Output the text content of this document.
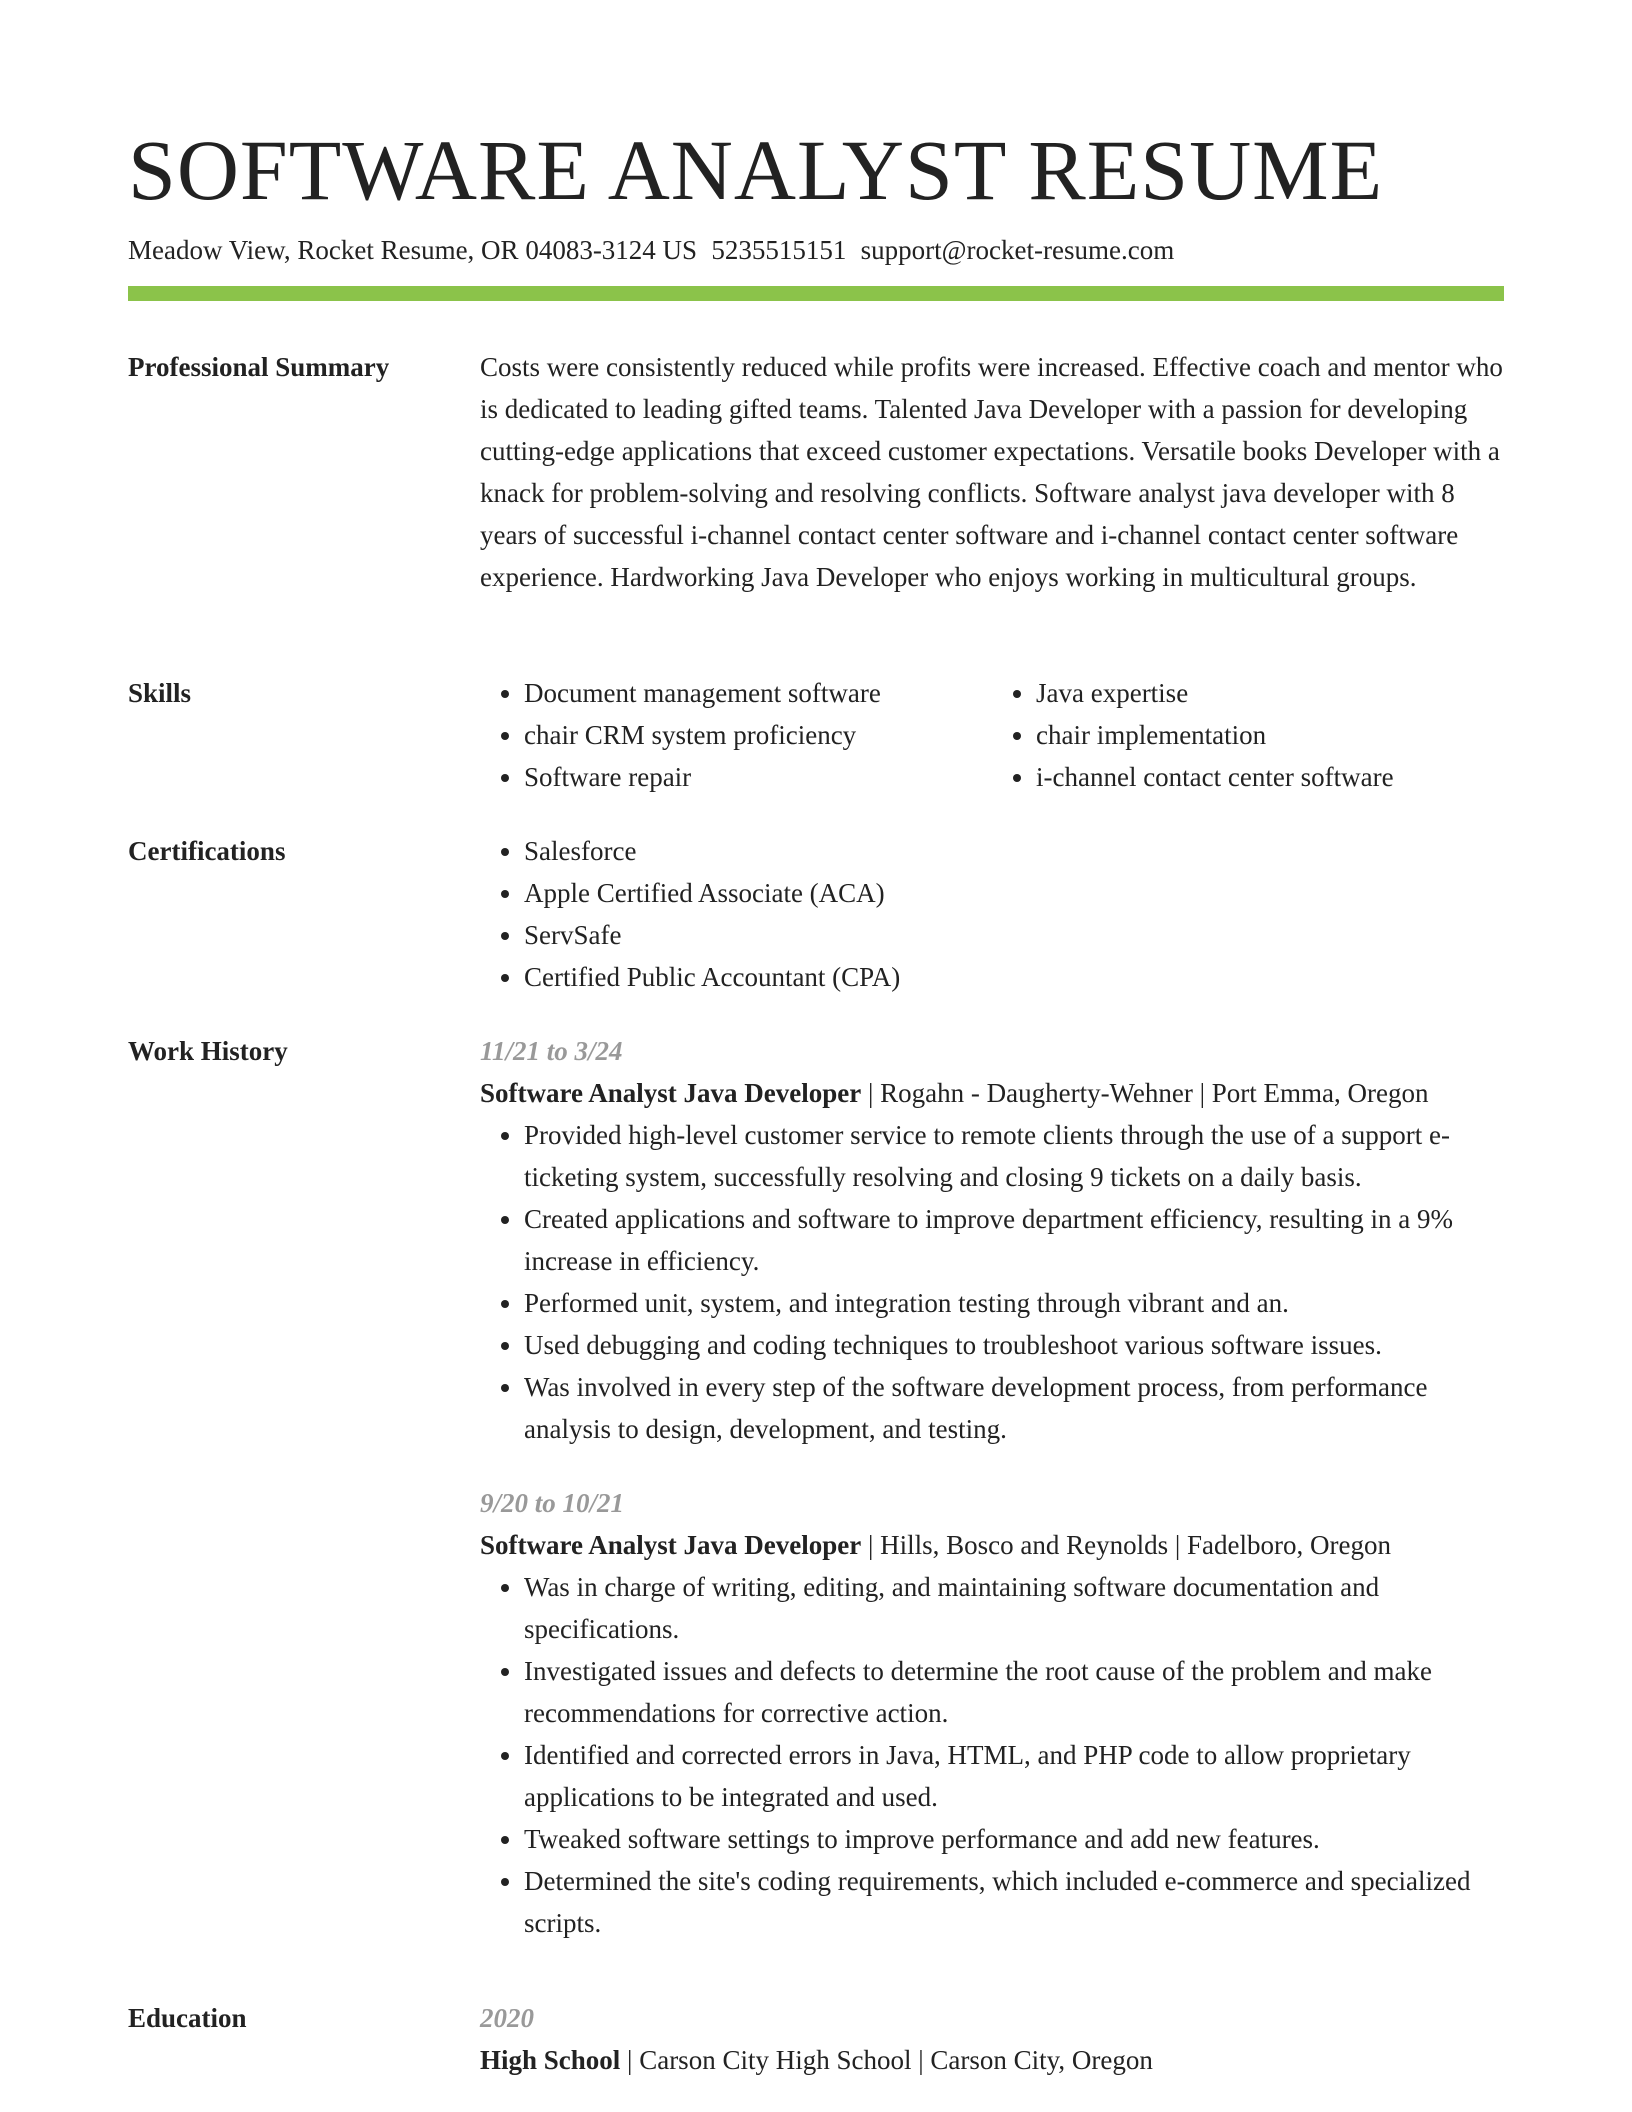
SOFTWARE ANALYST RESUME
Meadow View, Rocket Resume, OR 04083-3124 US 5235515151 support@rocket-resume.com
Professional Summary	Costs were consistently reduced while profits were increased. Effective coach and mentor who is dedicated to leading gifted teams. Talented Java Developer with a passion for developing cutting-edge applications that exceed customer expectations. Versatile books Developer with a knack for problem-solving and resolving conflicts. Software analyst java developer with 8 years of successful i-channel contact center software and i-channel contact center software experience. Hardworking Java Developer who enjoys working in multicultural groups.

Skills	• Document management software
• chair CRM system proficiency
• Software repair
• Java expertise
• chair implementation
• i-channel contact center software
Certifications	• Salesforce
• Apple Certified Associate (ACA)
• ServSafe
• Certified Public Accountant (CPA)
Work History	11/21 to 3/24
Software Analyst Java Developer | Rogahn - Daugherty-Wehner | Port Emma, Oregon
• Provided high-level customer service to remote clients through the use of a support e-ticketing system, successfully resolving and closing 9 tickets on a daily basis.
• Created applications and software to improve department efficiency, resulting in a 9% increase in efficiency.
• Performed unit, system, and integration testing through vibrant and an.
• Used debugging and coding techniques to troubleshoot various software issues.
• Was involved in every step of the software development process, from performance analysis to design, development, and testing.
9/20 to 10/21
Software Analyst Java Developer | Hills, Bosco and Reynolds | Fadelboro, Oregon
• Was in charge of writing, editing, and maintaining software documentation and specifications.
• Investigated issues and defects to determine the root cause of the problem and make recommendations for corrective action.
• Identified and corrected errors in Java, HTML, and PHP code to allow proprietary applications to be integrated and used.
• Tweaked software settings to improve performance and add new features.
• Determined the site's coding requirements, which included e-commerce and specialized scripts.
Education	2020
High School | Carson City High School | Carson City, Oregon
